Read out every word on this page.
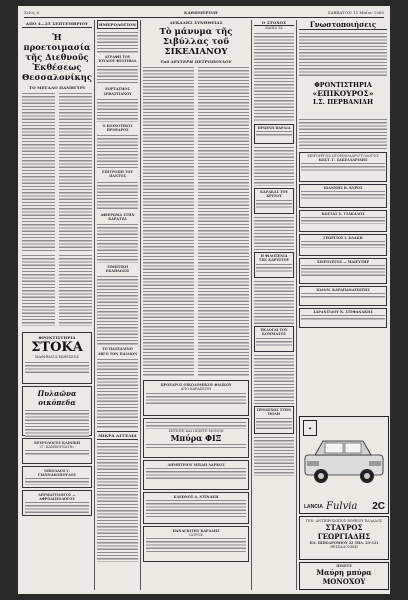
Σελίς 6	ΚΑΘΗΜΕΡΙΝΗ	ΣΑΒΒΑΤΟΝ 15 Μαΐου 1965
ΑΠΟ 4—25 ΣΕΠΤΕΜΒΡΙΟΥ
Ἡ προετοιμασία τῆς Διεθνοῦς Ἐκθέσεως Θεσσαλονίκης
ΤΟ ΜΕΓΑΛΟ ΠΑΝΗΓΥΡΙ
ΦΡΟΝΤΙΣΤΗΡΙΑ
ΣΤΟΚΑ
ΜΑΘΗΜΑΤΑ ΕΚΘΕΣΕΩΣ
Πυλαῶνα οικόπεδα
ΝΕΥΡΟΛΟΓΟΣ ΚΛΙΝΙΚΗ
«Γ. ΚΑΜΒΟΥΝΑΤΗ»
ΝΙΚΟΛΑΟΣ Γ. ΓΙΑΝΝΑΚΟΠΟΥΛΟΣ
ΔΕΡΜΑΤΟΛΟΓΟΣ — ΑΦΡΟΔΙΣΙΟΛΟΓΟΣ
ΗΜΕΡΟΛΟΓΙΟΝ
ΑΓΡΑΦΗ ΤΟΥ ΙΟΥΛΙΟΥ ΦΕΣΤΙΒΑΛ
ΕΟΡΤΑΣΜΟΣ ΣΕΒΑΣΤΙΑΝΟΥ
Ο ΚΟΙΝΟΤΙΚΟΣ ΠΡΟΕΔΡΟΣ
ΕΠΙΤΡΟΠΗ ΤΟΥ ΠΑΝΤΟΣ
ΑΦΙΕΡΩΜΑ ΣΤΗΝ ΚΑΡΑΤΖΑ
ΤΙΜΗΤΙΚΗ ΕΚΔΗΛΩΣΙΣ
ΤΟ ΠΑΣΧΑΛΙΝΟ ΑΒΓΟ ΤΩΝ ΠΑΙΔΙΩΝ
ΜΙΚΡΑ ΑΓΓΕΛΙΑ
ΔΕΚΑΔΗΣ ΣΥΝΗΘΕΙΑΣ
Τὸ μάνυμα τῆς Σιβύλλας τοῦ ΣΙΚΕΛΙΑΝΟΥ
Τοῦ ΛΕΥΤΕΡΗ ΠΕΤΡΟΠΟΥΛΟΥ
ΠΡΟΕΔΡΟΣ ΟΙΚΟΔΟΜΙΚΟΥ ΦΙΛΙΚΟΥ
ΑΠΟ ΚΑΡΑΣΕΙΤΗ
ΖΗΤΕΙΤΕ ΚΑΙ ΠΙΝΕΤΕ ΜΟΝΟΝ
Μπύρα ΦΙΞ
ΔΗΜΗΤΡΙΟΥ ΜΙΧΑΗ ΛΑΡΚΟΣ
ΚΛΕΩΝΟΣ Α. ΝΤΙΝΑΚΗ
ΠΑΝΑΓΙΩΤΗΣ ΚΑΡΑΔΗΣ
ΙΑΤΡΟΣ
Ο ΣΤΟΧΟΣ
ΚΑΙΝΑ ΤΑ
ΠΡΩΙΝΗ ΒΑΡΔΙΑ
ΚΑΡΑΚΑΣ ΤΟΥ ΧΡΥΣΟΥ
Η ΦΙΛΟΞΕΝΙΑ ΤΗΣ ΚΑΡΥΣΤΟΥ
ΕΚΛΟΓΑΙ ΤΟΥ ΚΟΜΜΑΤΟΣ
ΠΡΟΣΕΧΩΣ ΣΤΗΝ ΠΟΛΗ
Γνωστοποιήσεις
ΦΡΟΝΤΙΣΤΗΡΙΑ
«ΕΠΙΚΟΥΡΟΣ»
Ι.Σ. ΠΕΡΒΑΝΙΔΗ
ΧΕΙΡΟΥΡΓΟΣ ΩΤΟΡΙΝΟΛΑΡΥΓΓΟΛΟΓΟΣ
ΚΩΣΤ. Γ. ΣΑΚΕΛΛΑΡΙΔΗΣ
ΙΩΑΝΝΗΣ Β. ΚΥΡΟΣ
ΚΩΣΤΑΣ Σ. ΤΣΑΚΑΛΟΣ
ΓΕΩΡΓΙΟΣ Ι. ΚΛΑΚΗ
ΧΕΙΡΟΥΡΓΟΣ — ΜΑΙΕΥΤΗΡ
ΙΩΑΝΝ. ΚΑΡΑΠΑΝΑΓΙΩΤΗΣ
ΣΑΡΑΝΤΙΔΟΥ Ν. ΣΤΕΦΑΝΑΚΗΣ
◆
LANCIA Fulvia 2С
ΓΕΝ. ΑΝΤΙΠΡΟΣΩΠΟΣ ΒΟΡΕΙΟΥ ΕΛΛΑΔΟΣ
ΣΤΑΥΡΟΣ ΓΕΩΡΓΙΑΔΗΣ
ΠΛ. ΙΠΠΟΔΡΟΜΙΟΥ 22 ΤΗΛ. 23-331
ΘΕΣΣΑΛΟΝΙΚΗ
ΠΙΝΕΤΕ
Μαύρη μπύρα ΜΟΝΟΧΟΥ
